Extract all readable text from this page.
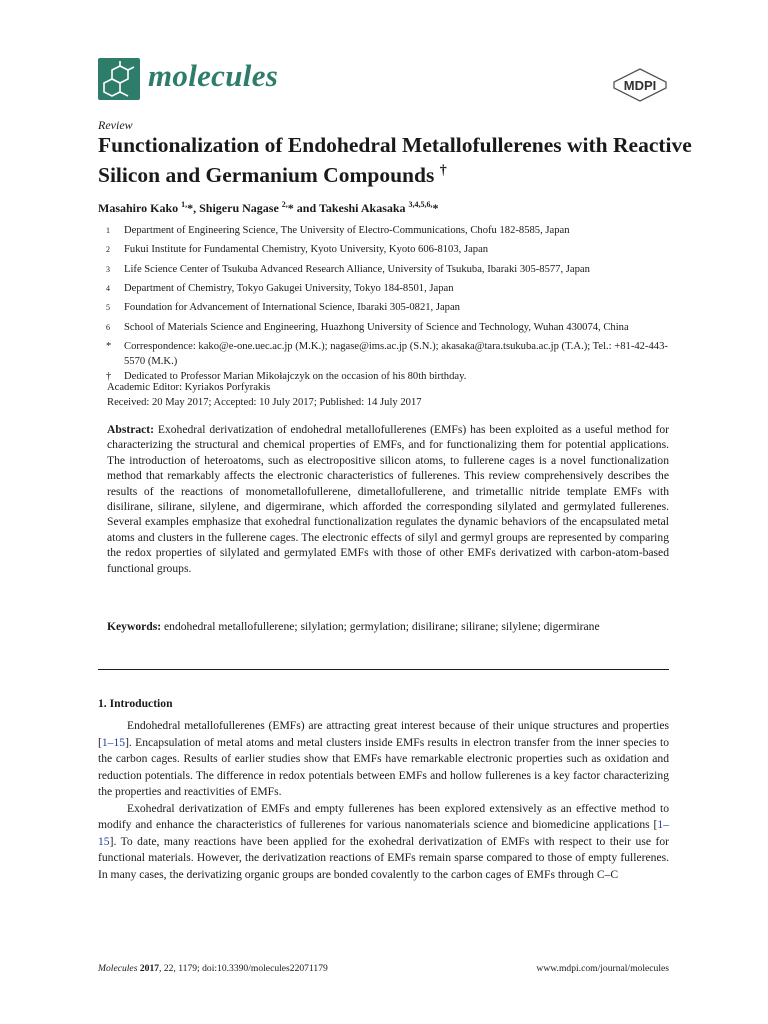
molecules	MDPI
Review
Functionalization of Endohedral Metallofullerenes with Reactive Silicon and Germanium Compounds †
Masahiro Kako $^{1,}$*, Shigeru Nagase $^{2,}$* and Takeshi Akasaka $^{3,4,5,6,}$*
$^1$	Department of Engineering Science, The University of Electro-Communications, Chofu 182-8585, Japan
$^2$	Fukui Institute for Fundamental Chemistry, Kyoto University, Kyoto 606-8103, Japan
$^3$	Life Science Center of Tsukuba Advanced Research Alliance, University of Tsukuba, Ibaraki 305-8577, Japan
$^4$	Department of Chemistry, Tokyo Gakugei University, Tokyo 184-8501, Japan
$^5$	Foundation for Advancement of International Science, Ibaraki 305-0821, Japan
$^6$	School of Materials Science and Engineering, Huazhong University of Science and Technology, Wuhan 430074, China
*	Correspondence: kako@e-one.uec.ac.jp (M.K.); nagase@ims.ac.jp (S.N.); akasaka@tara.tsukuba.ac.jp (T.A.); Tel.: +81-42-443-5570 (M.K.)
†	Dedicated to Professor Marian Mikołajczyk on the occasion of his 80th birthday.
Academic Editor: Kyriakos Porfyrakis
Received: 20 May 2017; Accepted: 10 July 2017; Published: 14 July 2017
Abstract: Exohedral derivatization of endohedral metallofullerenes (EMFs) has been exploited as a useful method for characterizing the structural and chemical properties of EMFs, and for functionalizing them for potential applications. The introduction of heteroatoms, such as electropositive silicon atoms, to fullerene cages is a novel functionalization method that remarkably affects the electronic characteristics of fullerenes. This review comprehensively describes the results of the reactions of monometallofullerene, dimetallofullerene, and trimetallic nitride template EMFs with disilirane, silirane, silylene, and digermirane, which afforded the corresponding silylated and germylated fullerenes. Several examples emphasize that exohedral functionalization regulates the dynamic behaviors of the encapsulated metal atoms and clusters in the fullerene cages. The electronic effects of silyl and germyl groups are represented by comparing the redox properties of silylated and germylated EMFs with those of other EMFs derivatized with carbon-atom-based functional groups.
Keywords: endohedral metallofullerene; silylation; germylation; disilirane; silirane; silylene; digermirane
1. Introduction

Endohedral metallofullerenes (EMFs) are attracting great interest because of their unique structures and properties [1–15]. Encapsulation of metal atoms and metal clusters inside EMFs results in electron transfer from the inner species to the carbon cages. Results of earlier studies show that EMFs have remarkable electronic properties such as oxidation and reduction potentials. The difference in redox potentials between EMFs and hollow fullerenes is a key factor characterizing the properties and reactivities of EMFs.

Exohedral derivatization of EMFs and empty fullerenes has been explored extensively as an effective method to modify and enhance the characteristics of fullerenes for various nanomaterials science and biomedicine applications [1–15]. To date, many reactions have been applied for the exohedral derivatization of EMFs with respect to their use for functional materials. However, the derivatization reactions of EMFs remain sparse compared to those of empty fullerenes. In many cases, the derivatizing organic groups are bonded covalently to the carbon cages of EMFs through C–C

Molecules 2017, 22, 1179; doi:10.3390/molecules22071179	www.mdpi.com/journal/molecules
